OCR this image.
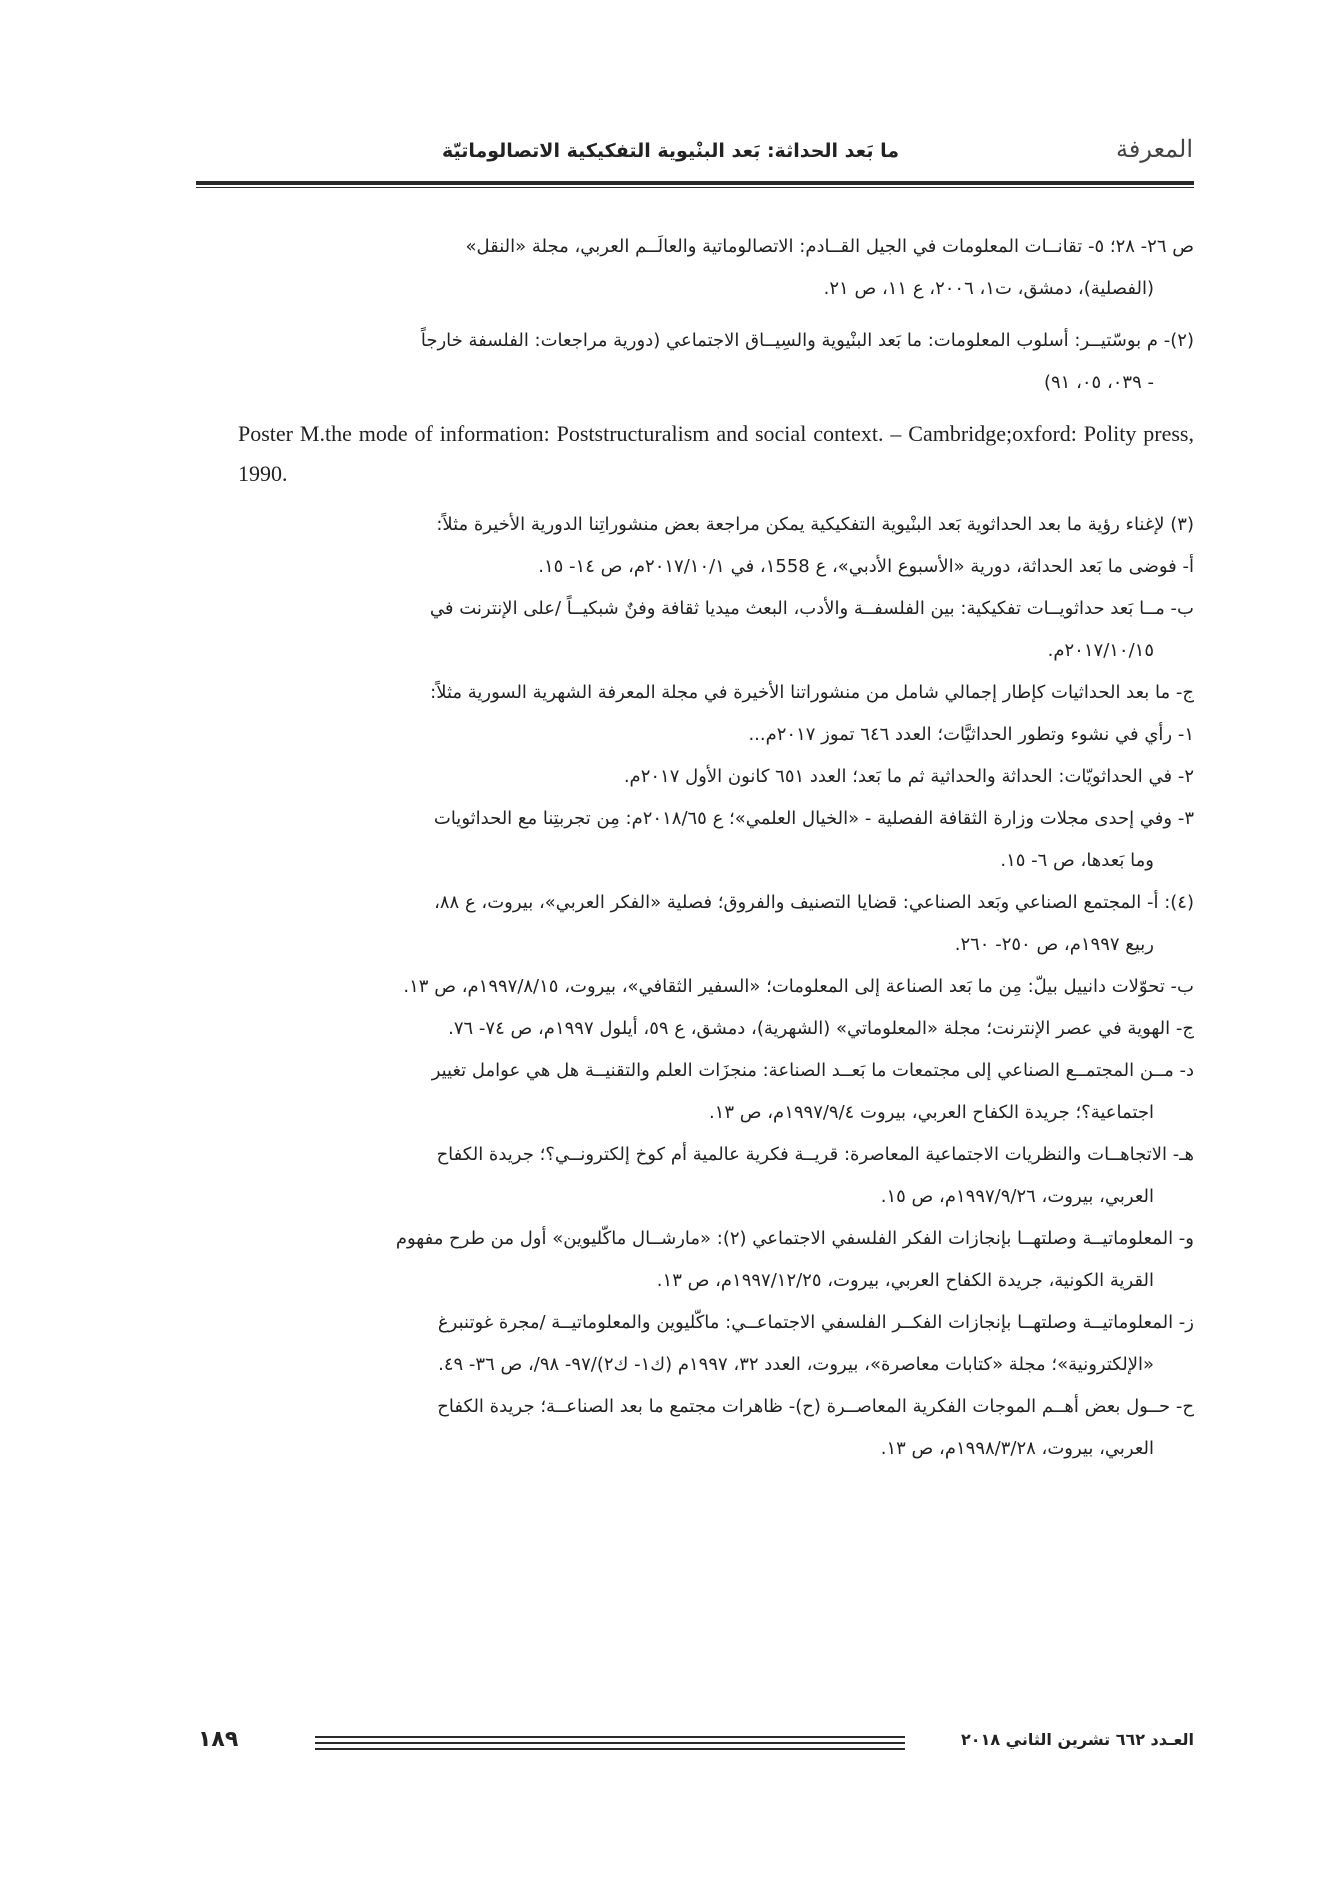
المعرفة
ما بَعد الحداثة: بَعد البنْيوية التفكيكية الاتصالوماتيّة

ص ٢٦- ٢٨؛ ٥- تقانــات المعلومات في الجيل القــادم: الاتصالوماتية والعالَــم العربي، مجلة «النقل»
(الفصلية)، دمشق، ت١، ٢٠٠٦، ع ١١، ص ٢١.

(٢)- م بوسّتيــر: أسلوب المعلومات: ما بَعد البنْيوية والسِيــاق الاجتماعي (دورية مراجعات: الفلسفة خارجاً
- ٠٣٩، ٠٥، ٩١)

Poster M.the mode of information: Poststructuralism and social context. – Cambridge;oxford: Polity press, 1990.

(٣) لإغناء رؤية ما بعد الحداثوية بَعد البنْيوية التفكيكية يمكن مراجعة بعض منشوراتِنا الدورية الأخيرة مثلاً:

أ- فوضى ما بَعد الحداثة، دورية «الأسبوع الأدبي»، ع ١558، في ٢٠١٧/١٠/١م، ص ١٤- ١٥.

ب- مــا بَعد حداثويــات تفكيكية: بين الفلسفــة والأدب، البعث ميديا ثقافة وفنٌ شبكيــاً /على الإنترنت في
٢٠١٧/١٠/١٥م.

ج- ما بعد الحداثيات كإطار إجمالي شامل من منشوراتنا الأخيرة في مجلة المعرفة الشهرية السورية مثلاً:

١- رأي في نشوء وتطور الحداثيَّات؛ العدد ٦٤٦ تموز ٢٠١٧م...

٢- في الحداثويّات: الحداثة والحداثية ثم ما بَعد؛ العدد ٦٥١ كانون الأول ٢٠١٧م.

٣- وفي إحدى مجلات وزارة الثقافة الفصلية - «الخيال العلمي»؛ ع ٢٠١٨/٦٥م: مِن تجربتِنا مع الحداثويات
وما بَعدها، ص ٦- ١٥.

(٤): أ- المجتمع الصناعي وبَعد الصناعي: قضايا التصنيف والفروق؛ فصلية «الفكر العربي»، بيروت، ع ٨٨،
ربيع ١٩٩٧م، ص ٢٥٠- ٢٦٠.

ب- تحوّلات دانييل بيلّ: مِن ما بَعد الصناعة إلى المعلومات؛ «السفير الثقافي»، بيروت، ١٩٩٧/٨/١٥م، ص ١٣.

ج- الهوية في عصر الإنترنت؛ مجلة «المعلوماتي» (الشهرية)، دمشق، ع ٥٩، أيلول ١٩٩٧م، ص ٧٤- ٧٦.

د- مــن المجتمــع الصناعي إلى مجتمعات ما بَعــد الصناعة: منجزَات العلم والتقنيــة هل هي عوامل تغيير
اجتماعية؟؛ جريدة الكفاح العربي، بيروت ١٩٩٧/٩/٤م، ص ١٣.

هـ- الاتجاهــات والنظريات الاجتماعية المعاصرة: قريــة فكرية عالمية أم كوخ إلكترونــي؟؛ جريدة الكفاح
العربي، بيروت، ١٩٩٧/٩/٢٦م، ص ١٥.

و- المعلوماتيــة وصلتهــا بإنجازات الفكر الفلسفي الاجتماعي (٢): «مارشــال ماكّليوين» أول من طرح مفهوم
القرية الكونية، جريدة الكفاح العربي، بيروت، ١٩٩٧/١٢/٢٥م، ص ١٣.

ز- المعلوماتيــة وصلتهــا بإنجازات الفكــر الفلسفي الاجتماعــي: ماكّليوين والمعلوماتيــة /مجرة غوتنبرغ
«الإلكترونية»؛ مجلة «كتابات معاصرة»، بيروت، العدد ٣٢، ١٩٩٧م (ك١- ك٢)/٩٧- ٩٨/، ص ٣٦- ٤٩.

ح- حــول بعض أهــم الموجات الفكرية المعاصــرة (ح)- ظاهرات مجتمع ما بعد الصناعــة؛ جريدة الكفاح
العربي، بيروت، ١٩٩٨/٣/٢٨م، ص ١٣.

١٨٩	العـدد ٦٦٢ تشرين الثاني ٢٠١٨
